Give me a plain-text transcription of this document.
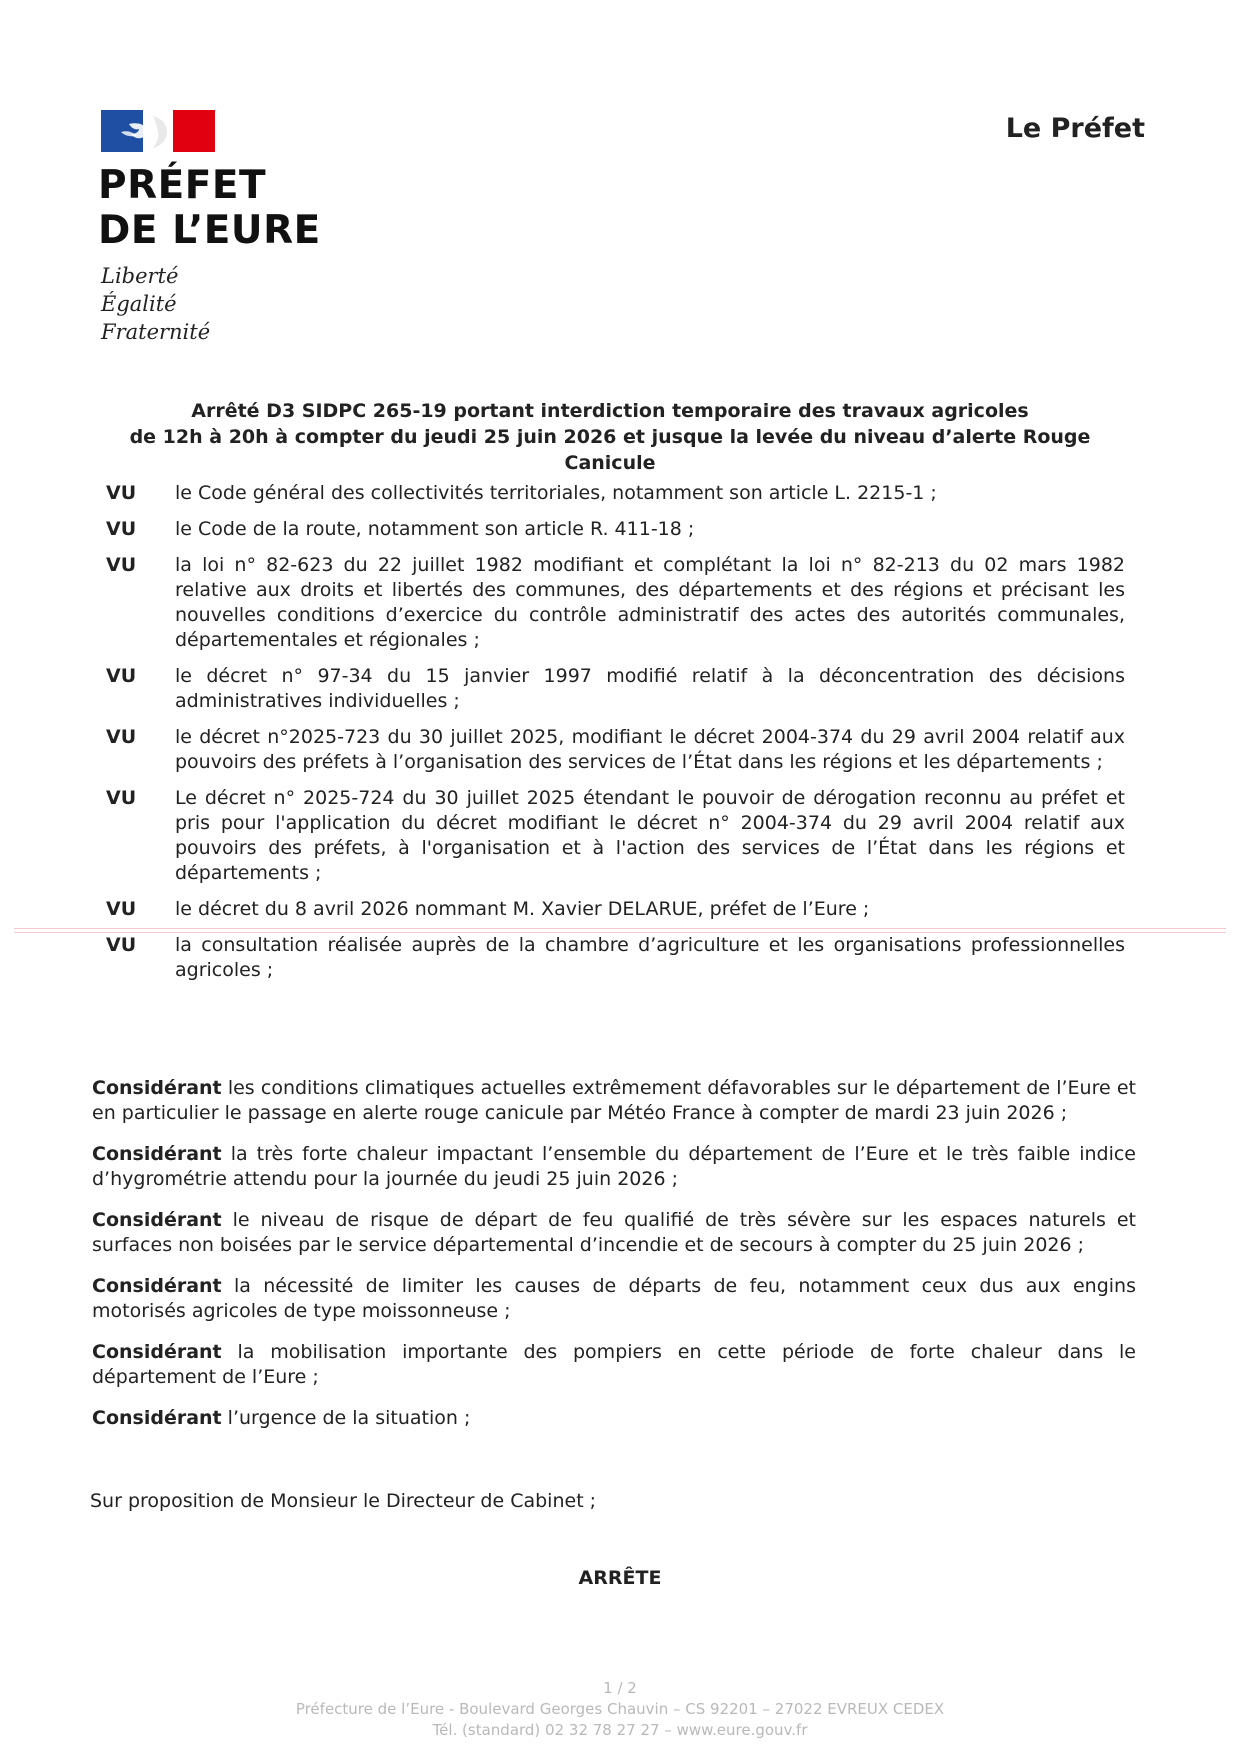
PRÉFET
DE L’EURE
Liberté
Égalité
Fraternité
Le Préfet
Arrêté D3 SIDPC 265-19 portant interdiction temporaire des travaux agricoles
de 12h à 20h à compter du jeudi 25 juin 2026 et jusque la levée du niveau d’alerte Rouge Canicule
VU	le Code général des collectivités territoriales, notamment son article L. 2215-1 ;
VU	le Code de la route, notamment son article R. 411-18 ;
VU	la loi n° 82-623 du 22 juillet 1982 modifiant et complétant la loi n° 82-213 du 02 mars 1982 relative aux droits et libertés des communes, des départements et des régions et précisant les nouvelles conditions d’exercice du contrôle administratif des actes des autorités communales, départementales et régionales ;
VU	le décret n° 97-34 du 15 janvier 1997 modifié relatif à la déconcentration des décisions administratives individuelles ;
VU	le décret n°2025-723 du 30 juillet 2025, modifiant le décret 2004-374 du 29 avril 2004 relatif aux pouvoirs des préfets à l’organisation des services de l’État dans les régions et les départements ;
VU	Le décret n° 2025-724 du 30 juillet 2025 étendant le pouvoir de dérogation reconnu au préfet et pris pour l'application du décret modifiant le décret n° 2004-374 du 29 avril 2004 relatif aux pouvoirs des préfets, à l'organisation et à l'action des services de l’État dans les régions et départements ;
VU	le décret du 8 avril 2026 nommant M. Xavier DELARUE, préfet de l’Eure ;
VU	la consultation réalisée auprès de la chambre d’agriculture et les organisations professionnelles agricoles ;
Considérant les conditions climatiques actuelles extrêmement défavorables sur le département de l’Eure et en particulier le passage en alerte rouge canicule par Météo France à compter de mardi 23 juin 2026 ;
Considérant la très forte chaleur impactant l’ensemble du département de l’Eure et le très faible indice d’hygrométrie attendu pour la journée du jeudi 25 juin 2026 ;
Considérant le niveau de risque de départ de feu qualifié de très sévère sur les espaces naturels et surfaces non boisées par le service départemental d’incendie et de secours à compter du 25 juin 2026 ;
Considérant la nécessité de limiter les causes de départs de feu, notamment ceux dus aux engins motorisés agricoles de type moissonneuse ;
Considérant la mobilisation importante des pompiers en cette période de forte chaleur dans le département de l’Eure ;
Considérant l’urgence de la situation ;
Sur proposition de Monsieur le Directeur de Cabinet ;
ARRÊTE
1 / 2
Préfecture de l’Eure - Boulevard Georges Chauvin – CS 92201 – 27022 EVREUX CEDEX
Tél. (standard) 02 32 78 27 27 – www.eure.gouv.fr
